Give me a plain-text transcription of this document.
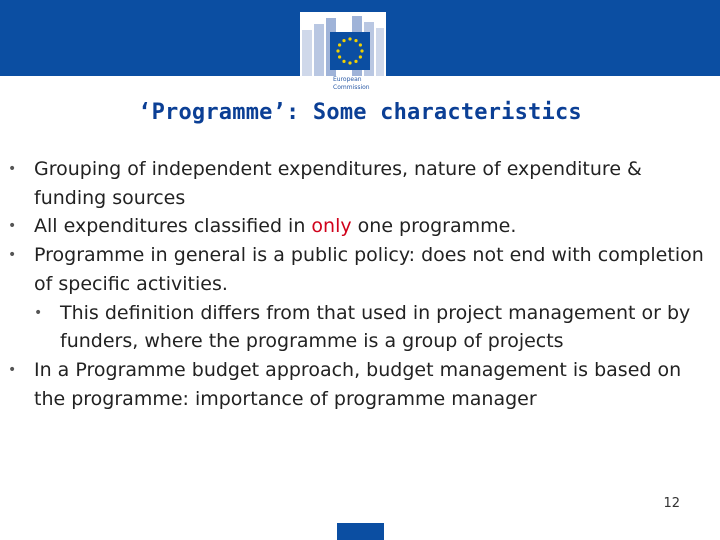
European
Commission
‘Programme’: Some characteristics
• Grouping of independent expenditures, nature of expenditure & funding sources
• All expenditures classified in only one programme.
• Programme in general is a public policy: does not end with completion of specific activities.
• This definition differs from that used in project management or by funders, where the programme is a group of projects
• In a Programme budget approach, budget management is based on the programme: importance of programme manager
12
